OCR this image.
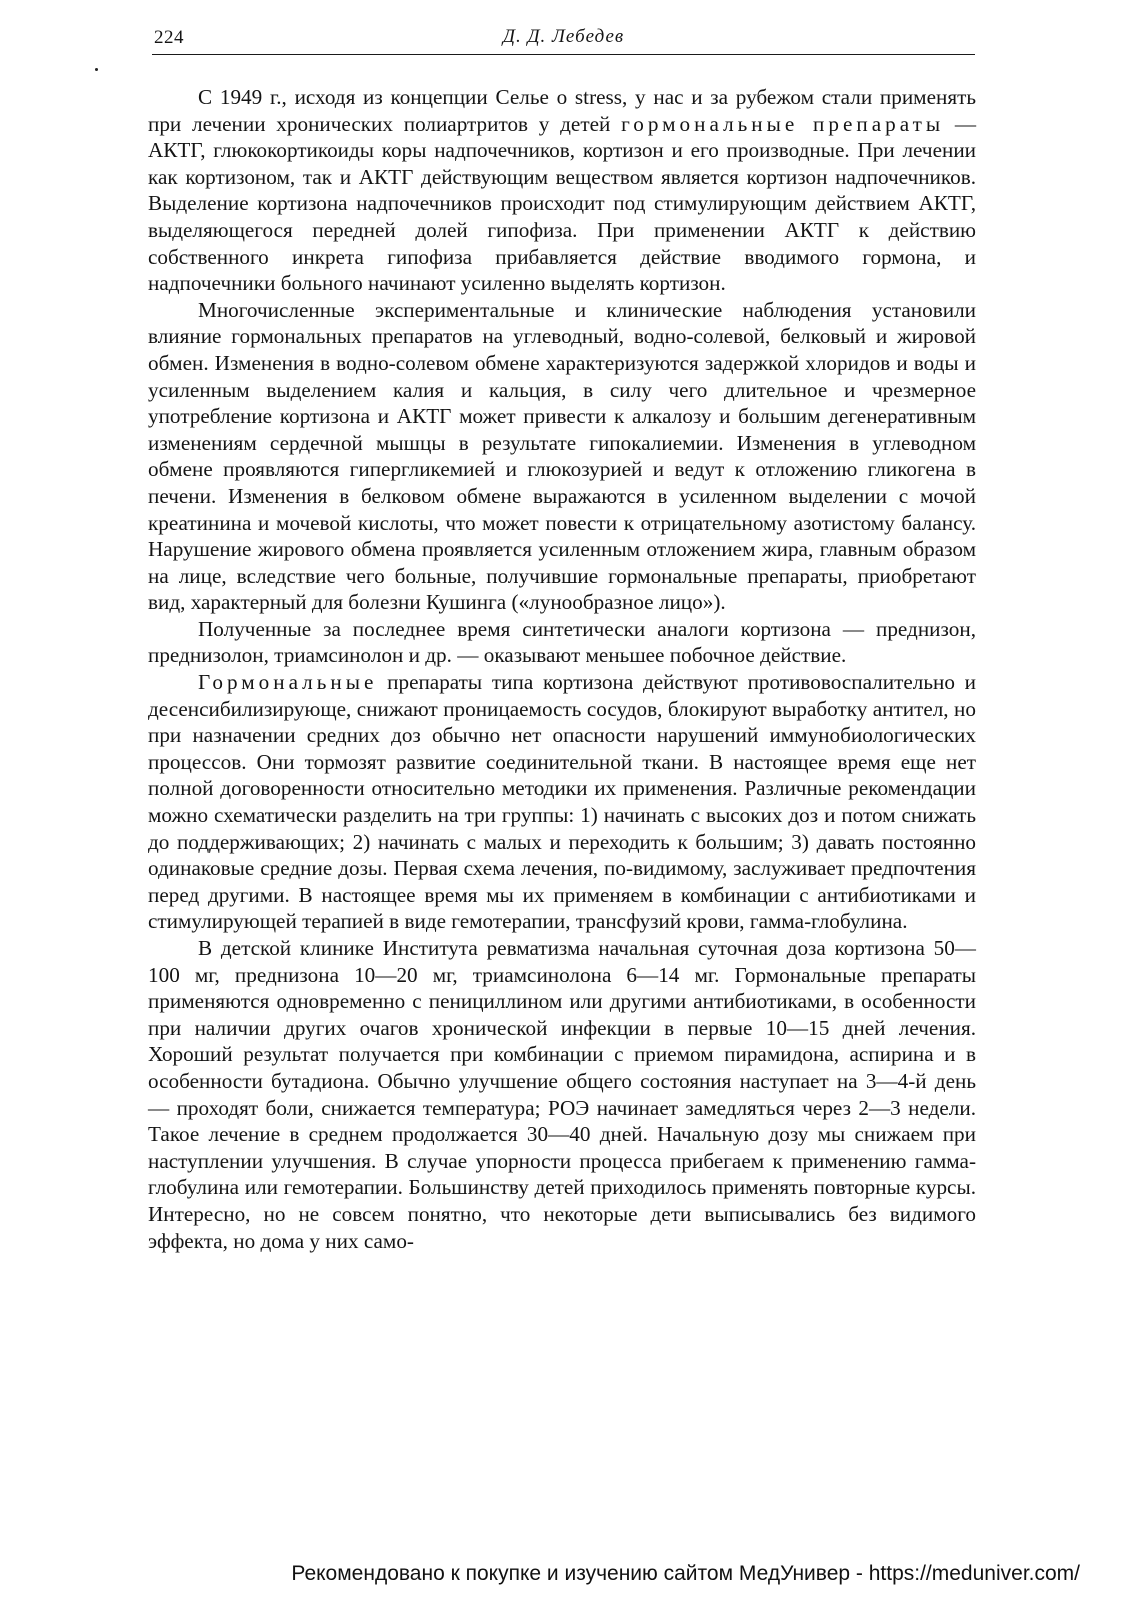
224	Д. Д. Лебедев

С 1949 г., исходя из концепции Селье о stress, у нас и за рубежом стали применять при лечении хронических полиартритов у детей гормональные препараты — АКТГ, глюкокортикоиды коры надпочечников, кортизон и его производные. При лечении как кортизоном, так и АКТГ действующим веществом является кортизон надпочечников. Выделение кортизона надпочечников происходит под стимулирующим действием АКТГ, выделяющегося передней долей гипофиза. При применении АКТГ к действию собственного инкрета гипофиза прибавляется действие вводимого гормона, и надпочечники больного начинают усиленно выделять кортизон.

Многочисленные экспериментальные и клинические наблюдения установили влияние гормональных препаратов на углеводный, водно-солевой, белковый и жировой обмен. Изменения в водно-солевом обмене характеризуются задержкой хлоридов и воды и усиленным выделением калия и кальция, в силу чего длительное и чрезмерное употребление кортизона и АКТГ может привести к алкалозу и большим дегенеративным изменениям сердечной мышцы в результате гипокалиемии. Изменения в углеводном обмене проявляются гипергликемией и глюкозурией и ведут к отложению гликогена в печени. Изменения в белковом обмене выражаются в усиленном выделении с мочой креатинина и мочевой кислоты, что может повести к отрицательному азотистому балансу. Нарушение жирового обмена проявляется усиленным отложением жира, главным образом на лице, вследствие чего больные, получившие гормональные препараты, приобретают вид, характерный для болезни Кушинга («лунообразное лицо»).

Полученные за последнее время синтетически аналоги кортизона — преднизон, преднизолон, триамсинолон и др. — оказывают меньшее побочное действие.

Гормональные препараты типа кортизона действуют противовоспалительно и десенсибилизирующе, снижают проницаемость сосудов, блокируют выработку антител, но при назначении средних доз обычно нет опасности нарушений иммунобиологических процессов. Они тормозят развитие соединительной ткани. В настоящее время еще нет полной договоренности относительно методики их применения. Различные рекомендации можно схематически разделить на три группы: 1) начинать с высоких доз и потом снижать до поддерживающих; 2) начинать с малых и переходить к большим; 3) давать постоянно одинаковые средние дозы. Первая схема лечения, по-видимому, заслуживает предпочтения перед другими. В настоящее время мы их применяем в комбинации с антибиотиками и стимулирующей терапией в виде гемотерапии, трансфузий крови, гамма-глобулина.

В детской клинике Института ревматизма начальная суточная доза кортизона 50—100 мг, преднизона 10—20 мг, триамсинолона 6—14 мг. Гормональные препараты применяются одновременно с пенициллином или другими антибиотиками, в особенности при наличии других очагов хронической инфекции в первые 10—15 дней лечения. Хороший результат получается при комбинации с приемом пирамидона, аспирина и в особенности бутадиона. Обычно улучшение общего состояния наступает на 3—4-й день — проходят боли, снижается температура; РОЭ начинает замедляться через 2—3 недели. Такое лечение в среднем продолжается 30—40 дней. Начальную дозу мы снижаем при наступлении улучшения. В случае упорности процесса прибегаем к применению гамма-глобулина или гемотерапии. Большинству детей приходилось применять повторные курсы. Интересно, но не совсем понятно, что некоторые дети выписывались без видимого эффекта, но дома у них само-

Рекомендовано к покупке и изучению сайтом МедУнивер - https://meduniver.com/
